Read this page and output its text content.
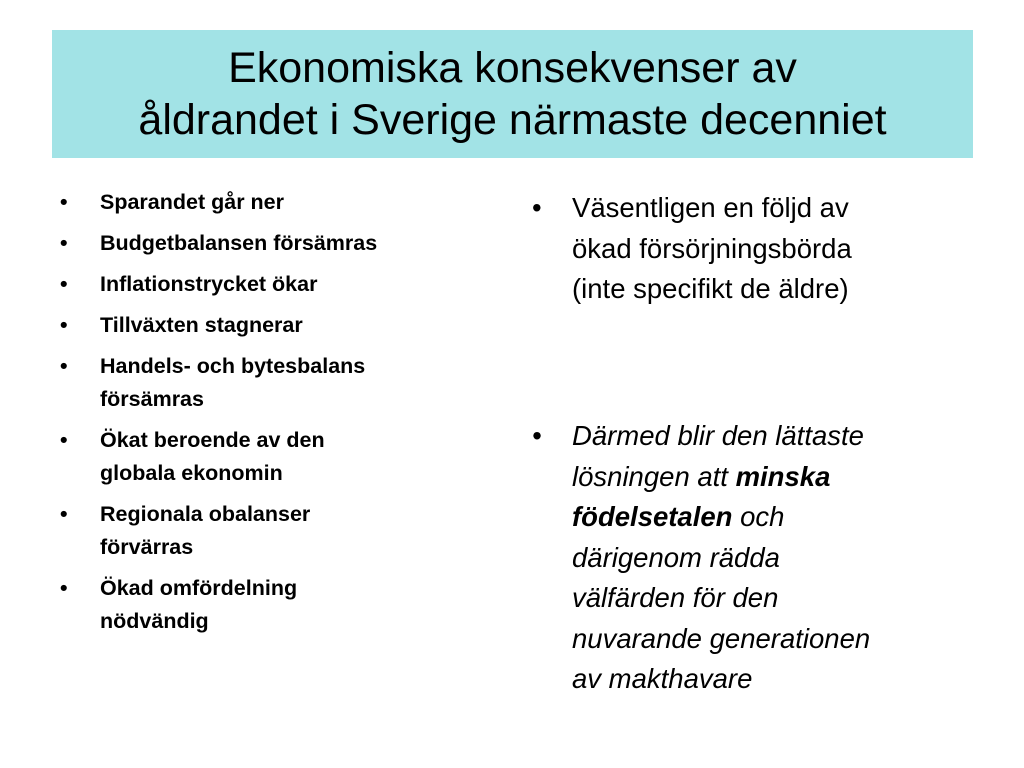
Ekonomiska konsekvenser av
åldrandet i Sverige närmaste decenniet
• Sparandet går ner
• Budgetbalansen försämras
• Inflationstrycket ökar
• Tillväxten stagnerar
• Handels- och bytesbalans
försämras
• Ökat beroende av den
globala ekonomin
• Regionala obalanser
förvärras
• Ökad omfördelning
nödvändig
• Väsentligen en följd av
ökad försörjningsbörda
(inte specifikt de äldre)
• Därmed blir den lättaste
lösningen att minska
födelsetalen och
därigenom rädda
välfärden för den
nuvarande generationen
av makthavare
